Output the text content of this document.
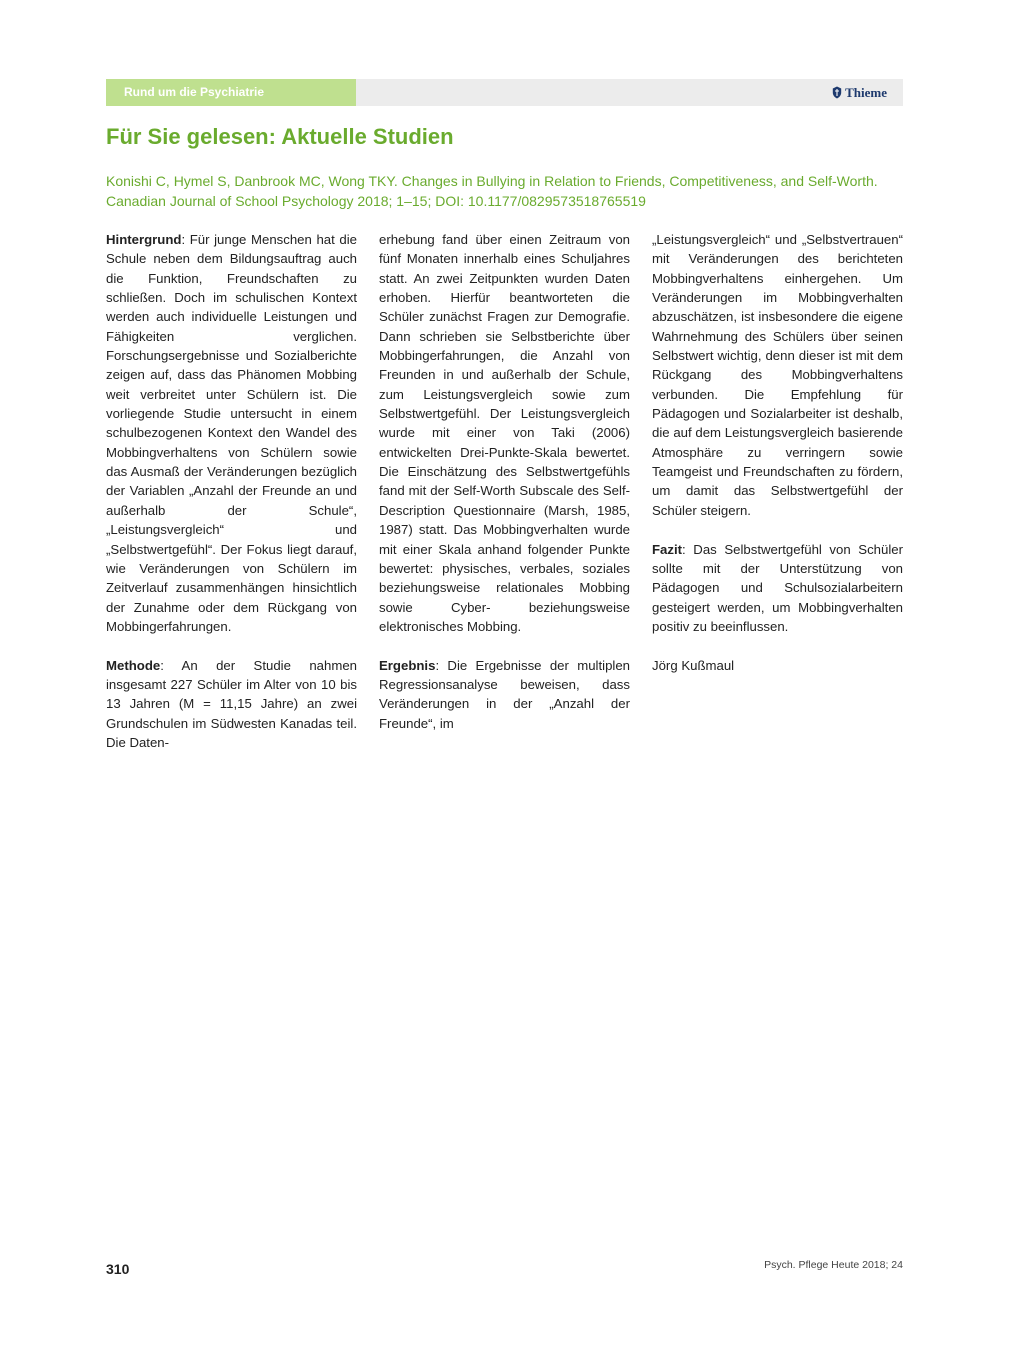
Rund um die Psychiatrie	Thieme
Für Sie gelesen: Aktuelle Studien
Konishi C, Hymel S, Danbrook MC, Wong TKY. Changes in Bullying in Relation to Friends, Competitiveness, and Self-Worth.
Canadian Journal of School Psychology 2018; 1–15; DOI: 10.1177/0829573518765519

Hintergrund: Für junge Menschen hat die Schule neben dem Bildungsauftrag auch die Funktion, Freundschaften zu schließen. Doch im schulischen Kontext werden auch individuelle Leistungen und Fähigkeiten verglichen. Forschungsergebnisse und Sozialberichte zeigen auf, dass das Phänomen Mobbing weit verbreitet unter Schülern ist. Die vorliegende Studie untersucht in einem schulbezogenen Kontext den Wandel des Mobbingverhaltens von Schülern sowie das Ausmaß der Veränderungen bezüglich der Variablen „Anzahl der Freunde an und außerhalb der Schule“, „Leistungsvergleich“ und „Selbstwertgefühl“. Der Fokus liegt darauf, wie Veränderungen von Schülern im Zeitverlauf zusammenhängen hinsichtlich der Zunahme oder dem Rückgang von Mobbingerfahrungen.

Methode: An der Studie nahmen insgesamt 227 Schüler im Alter von 10 bis 13 Jahren (M = 11,15 Jahre) an zwei Grundschulen im Südwesten Kanadas teil. Die Daten-

erhebung fand über einen Zeitraum von fünf Monaten innerhalb eines Schuljahres statt. An zwei Zeitpunkten wurden Daten erhoben. Hierfür beantworteten die Schüler zunächst Fragen zur Demografie. Dann schrieben sie Selbstberichte über Mobbingerfahrungen, die Anzahl von Freunden in und außerhalb der Schule, zum Leistungsvergleich sowie zum Selbstwertgefühl. Der Leistungsvergleich wurde mit einer von Taki (2006) entwickelten Drei-Punkte-Skala bewertet. Die Einschätzung des Selbstwertgefühls fand mit der Self-Worth Subscale des Self-Description Questionnaire (Marsh, 1985, 1987) statt. Das Mobbingverhalten wurde mit einer Skala anhand folgender Punkte bewertet: physisches, verbales, soziales beziehungsweise relationales Mobbing sowie Cyber- beziehungsweise elektronisches Mobbing.

Ergebnis: Die Ergebnisse der multiplen Regressionsanalyse beweisen, dass Veränderungen in der „Anzahl der Freunde“, im

„Leistungsvergleich“ und „Selbstvertrauen“ mit Veränderungen des berichteten Mobbingverhaltens einhergehen. Um Veränderungen im Mobbingverhalten abzuschätzen, ist insbesondere die eigene Wahrnehmung des Schülers über seinen Selbstwert wichtig, denn dieser ist mit dem Rückgang des Mobbingverhaltens verbunden. Die Empfehlung für Pädagogen und Sozialarbeiter ist deshalb, die auf dem Leistungsvergleich basierende Atmosphäre zu verringern sowie Teamgeist und Freundschaften zu fördern, um damit das Selbstwertgefühl der Schüler steigern.

Fazit: Das Selbstwertgefühl von Schüler sollte mit der Unterstützung von Pädagogen und Schulsozialarbeitern gesteigert werden, um Mobbingverhalten positiv zu beeinflussen.

Jörg Kußmaul

310	Psych. Pflege Heute 2018; 24
